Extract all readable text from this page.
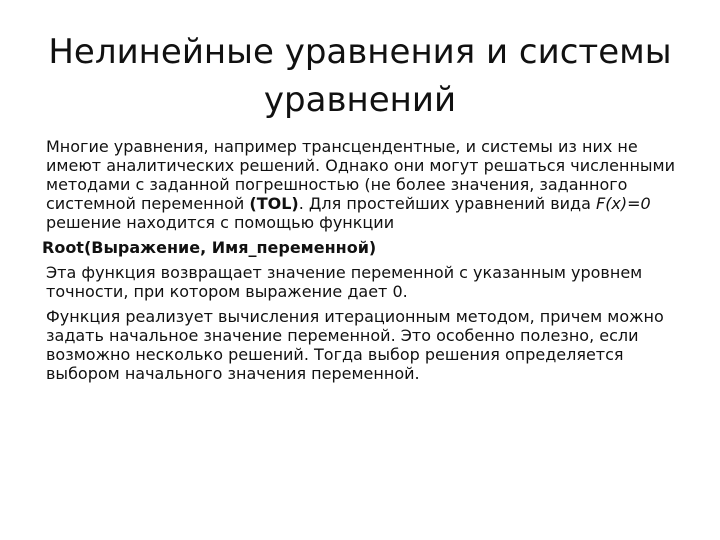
Нелинейные уравнения и системы уравнений

Многие уравнения, например трансцендентные, и системы из них не имеют аналитических решений. Однако они могут решаться численными методами с заданной погрешностью (не более значения, заданного системной переменной (TOL). Для простейших уравнений вида F(x)=0 решение находится с помощью функции

Root(Выражение, Имя_переменной)

Эта функция возвращает значение переменной с указанным уровнем точности, при котором выражение дает 0.

Функция реализует вычисления итерационным методом, причем можно задать начальное значение переменной. Это особенно полезно, если возможно несколько решений. Тогда выбор решения определяется выбором начального значения переменной.
